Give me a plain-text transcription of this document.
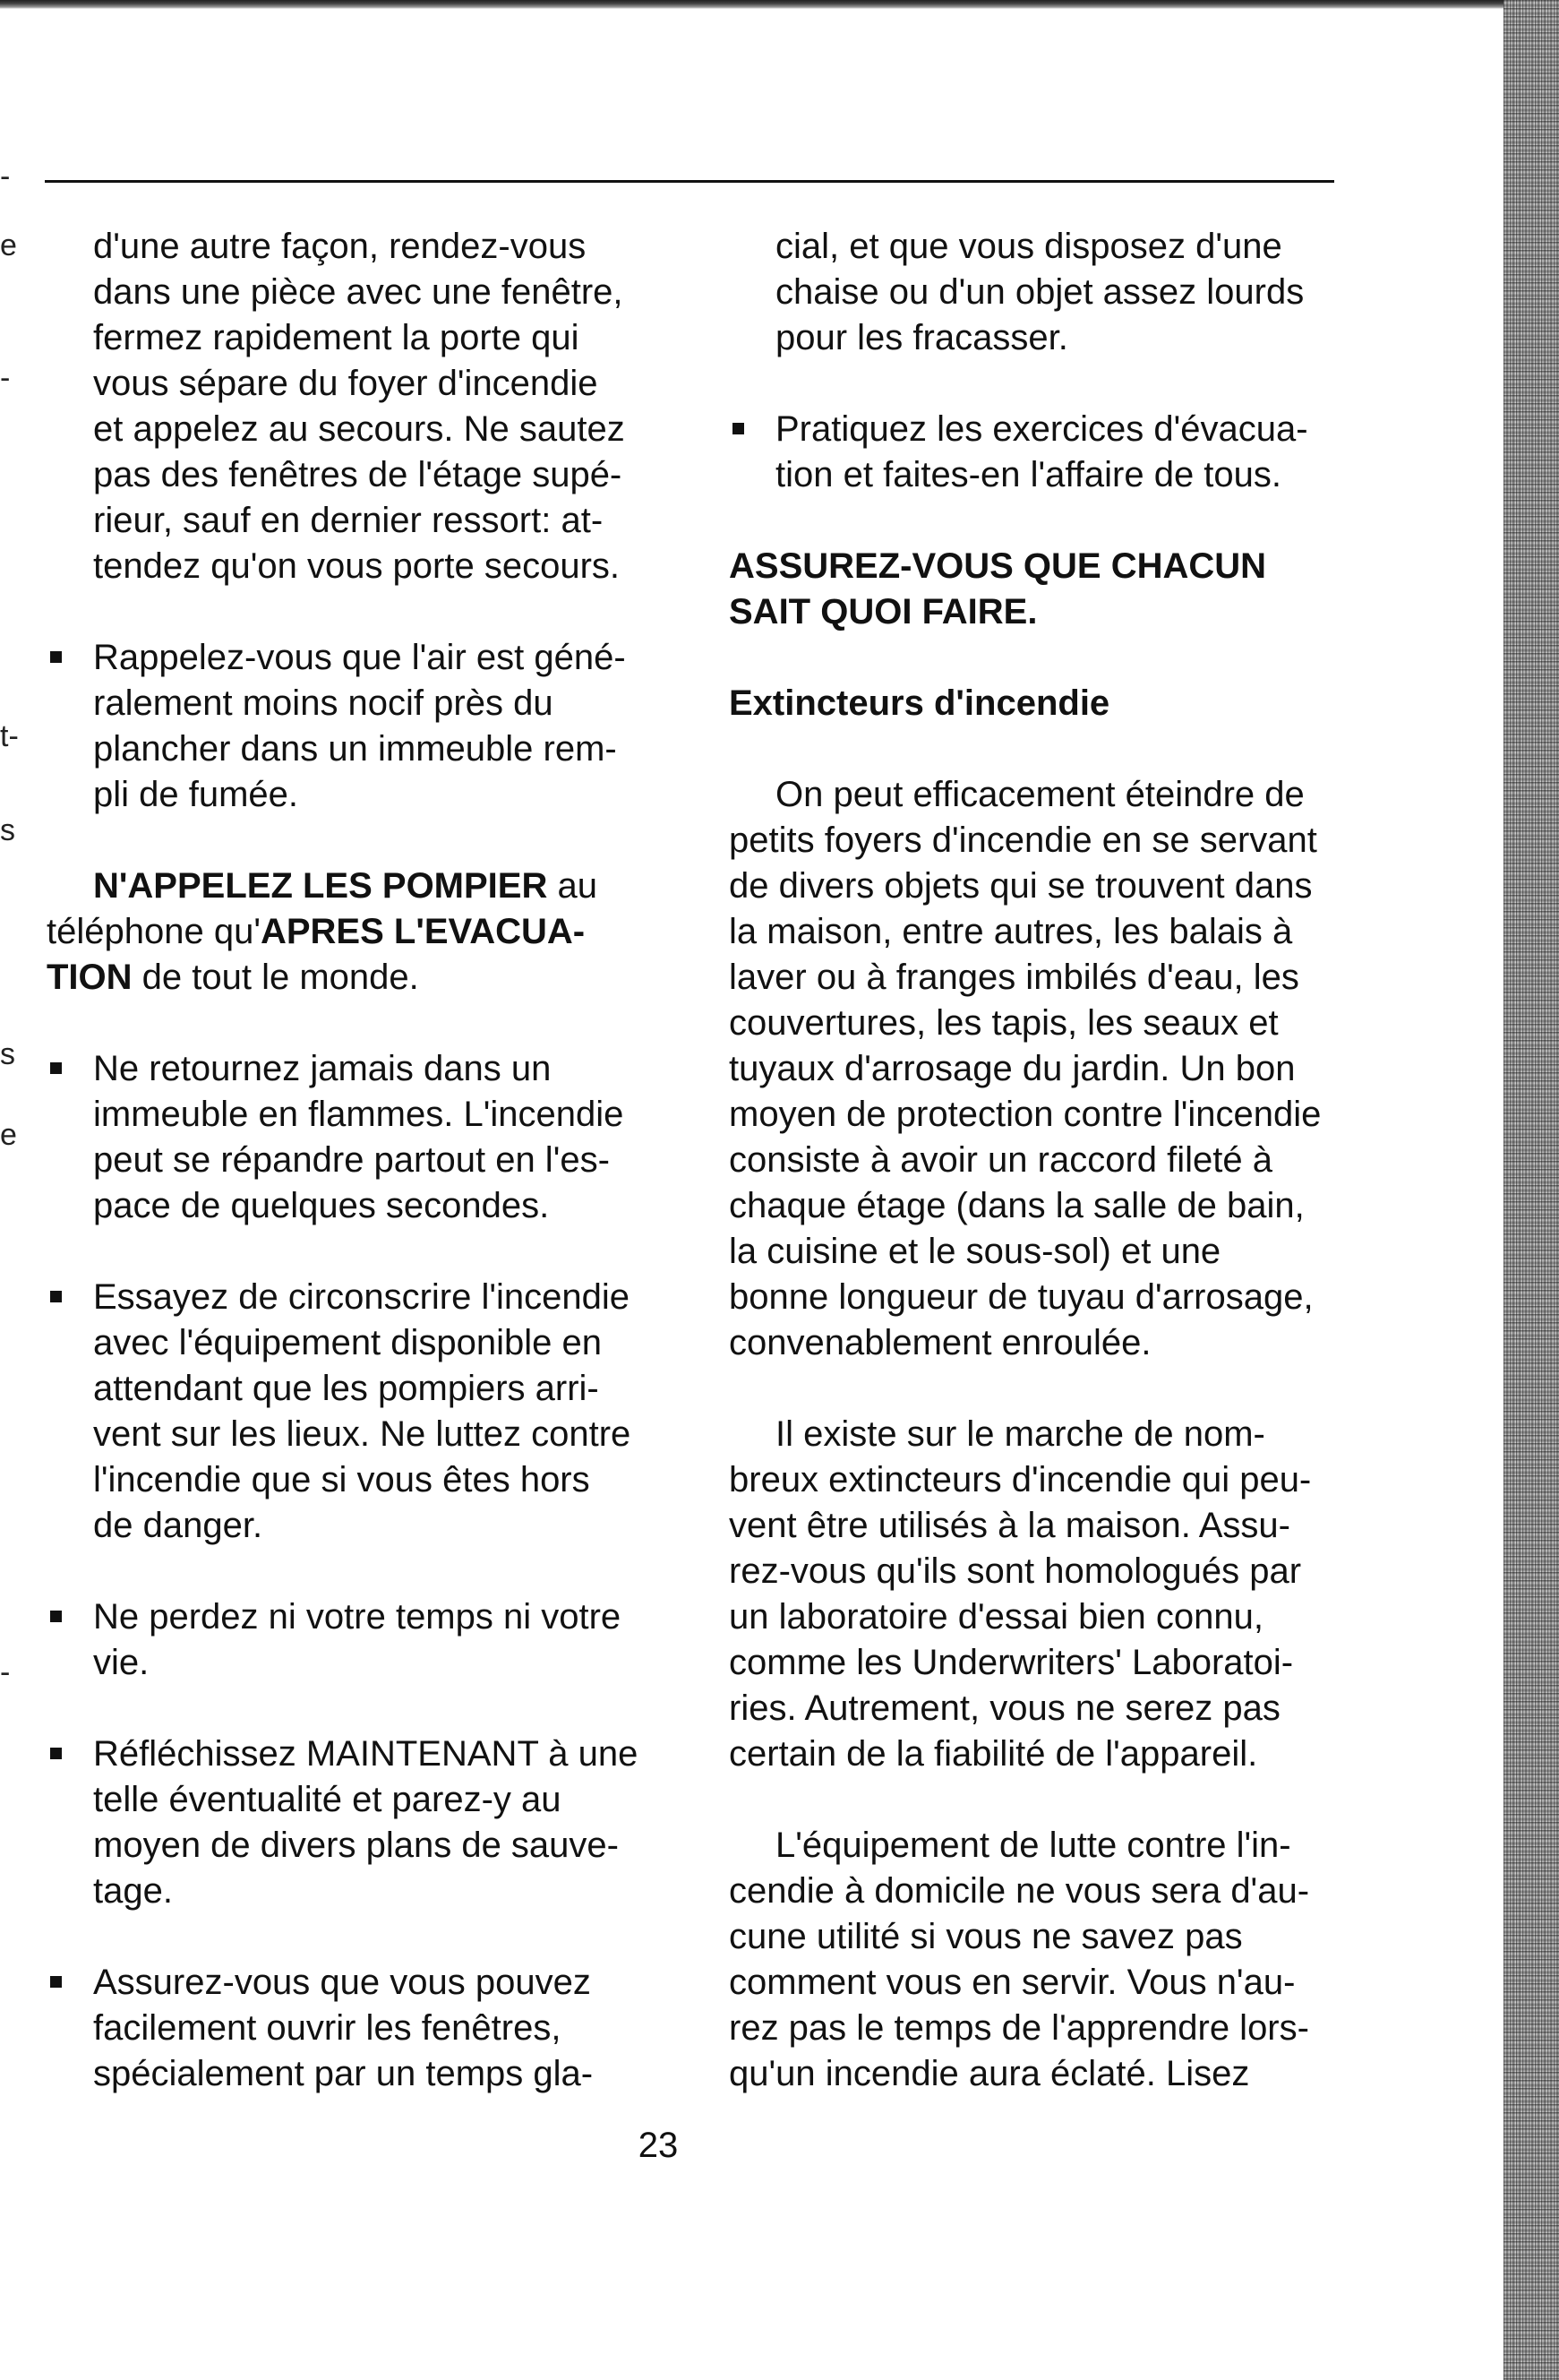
-
e
-
t-
s
s
e
-

d'une autre façon, rendez-vous

dans une pièce avec une fenêtre,

fermez rapidement la porte qui

vous sépare du foyer d'incendie

et appelez au secours. Ne sautez

pas des fenêtres de l'étage supé-

rieur, sauf en dernier ressort: at-

tendez qu'on vous porte secours.

Rappelez-vous que l'air est géné-

ralement moins nocif près du

plancher dans un immeuble rem-

pli de fumée.

N'APPELEZ LES POMPIER au

téléphone qu'APRES L'EVACUA-

TION de tout le monde.

Ne retournez jamais dans un

immeuble en flammes. L'incendie

peut se répandre partout en l'es-

pace de quelques secondes.

Essayez de circonscrire l'incendie

avec l'équipement disponible en

attendant que les pompiers arri-

vent sur les lieux. Ne luttez contre

l'incendie que si vous êtes hors

de danger.

Ne perdez ni votre temps ni votre

vie.

Réfléchissez MAINTENANT à une

telle éventualité et parez-y au

moyen de divers plans de sauve-

tage.

Assurez-vous que vous pouvez

facilement ouvrir les fenêtres,

spécialement par un temps gla-

cial, et que vous disposez d'une

chaise ou d'un objet assez lourds

pour les fracasser.

Pratiquez les exercices d'évacua-

tion et faites-en l'affaire de tous.

ASSUREZ-VOUS QUE CHACUN

SAIT QUOI FAIRE.

Extincteurs d'incendie

On peut efficacement éteindre de

petits foyers d'incendie en se servant

de divers objets qui se trouvent dans

la maison, entre autres, les balais à

laver ou à franges imbilés d'eau, les

couvertures, les tapis, les seaux et

tuyaux d'arrosage du jardin. Un bon

moyen de protection contre l'incendie

consiste à avoir un raccord fileté à

chaque étage (dans la salle de bain,

la cuisine et le sous-sol) et une

bonne longueur de tuyau d'arrosage,

convenablement enroulée.

Il existe sur le marche de nom-

breux extincteurs d'incendie qui peu-

vent être utilisés à la maison. Assu-

rez-vous qu'ils sont homologués par

un laboratoire d'essai bien connu,

comme les Underwriters' Laboratoi-

ries. Autrement, vous ne serez pas

certain de la fiabilité de l'appareil.

L'équipement de lutte contre l'in-

cendie à domicile ne vous sera d'au-

cune utilité si vous ne savez pas

comment vous en servir. Vous n'au-

rez pas le temps de l'apprendre lors-

qu'un incendie aura éclaté. Lisez

23
